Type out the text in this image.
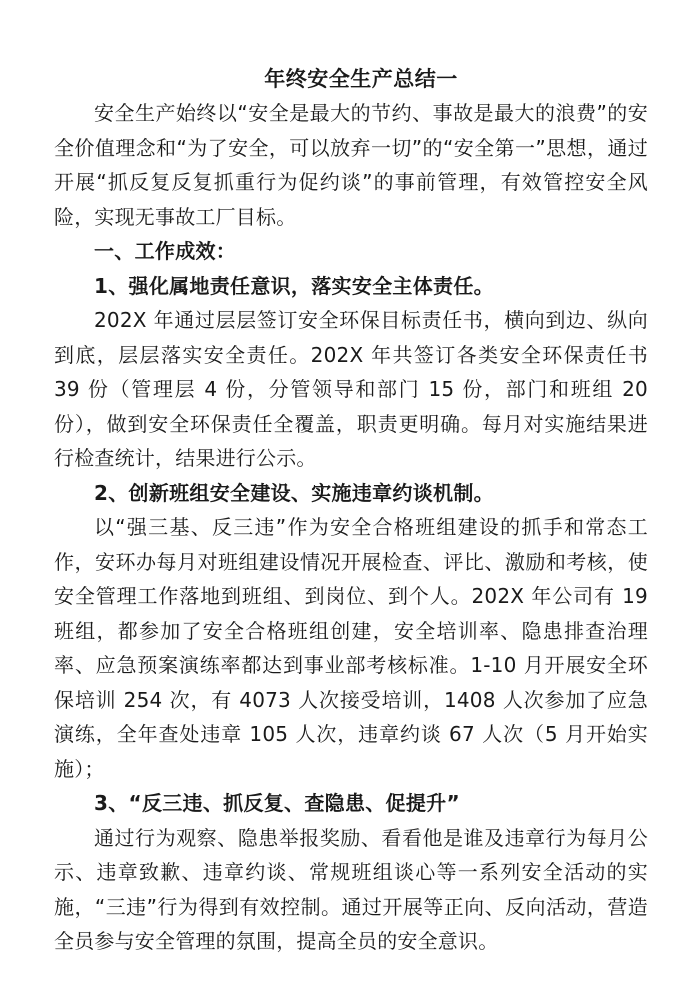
年终安全生产总结一

安全生产始终以“安全是最大的节约、事故是最大的浪费”的安全价值理念和“为了安全，可以放弃一切”的“安全第一”思想，通过开展“抓反复反复抓重行为促约谈”的事前管理，有效管控安全风险，实现无事故工厂目标。

一、工作成效：

1、强化属地责任意识，落实安全主体责任。

202X 年通过层层签订安全环保目标责任书，横向到边、纵向到底，层层落实安全责任。202X 年共签订各类安全环保责任书 39 份（管理层 4 份，分管领导和部门 15 份，部门和班组 20 份），做到安全环保责任全覆盖，职责更明确。每月对实施结果进行检查统计，结果进行公示。

2、创新班组安全建设、实施违章约谈机制。

以“强三基、反三违”作为安全合格班组建设的抓手和常态工作，安环办每月对班组建设情况开展检查、评比、激励和考核，使安全管理工作落地到班组、到岗位、到个人。202X 年公司有 19 班组，都参加了安全合格班组创建，安全培训率、隐患排查治理率、应急预案演练率都达到事业部考核标准。1-10 月开展安全环保培训 254 次，有 4073 人次接受培训，1408 人次参加了应急演练，全年查处违章 105 人次，违章约谈 67 人次（5 月开始实施）；

3、“反三违、抓反复、查隐患、促提升”

通过行为观察、隐患举报奖励、看看他是谁及违章行为每月公示、违章致歉、违章约谈、常规班组谈心等一系列安全活动的实施，“三违”行为得到有效控制。通过开展等正向、反向活动，营造全员参与安全管理的氛围，提高全员的安全意识。
